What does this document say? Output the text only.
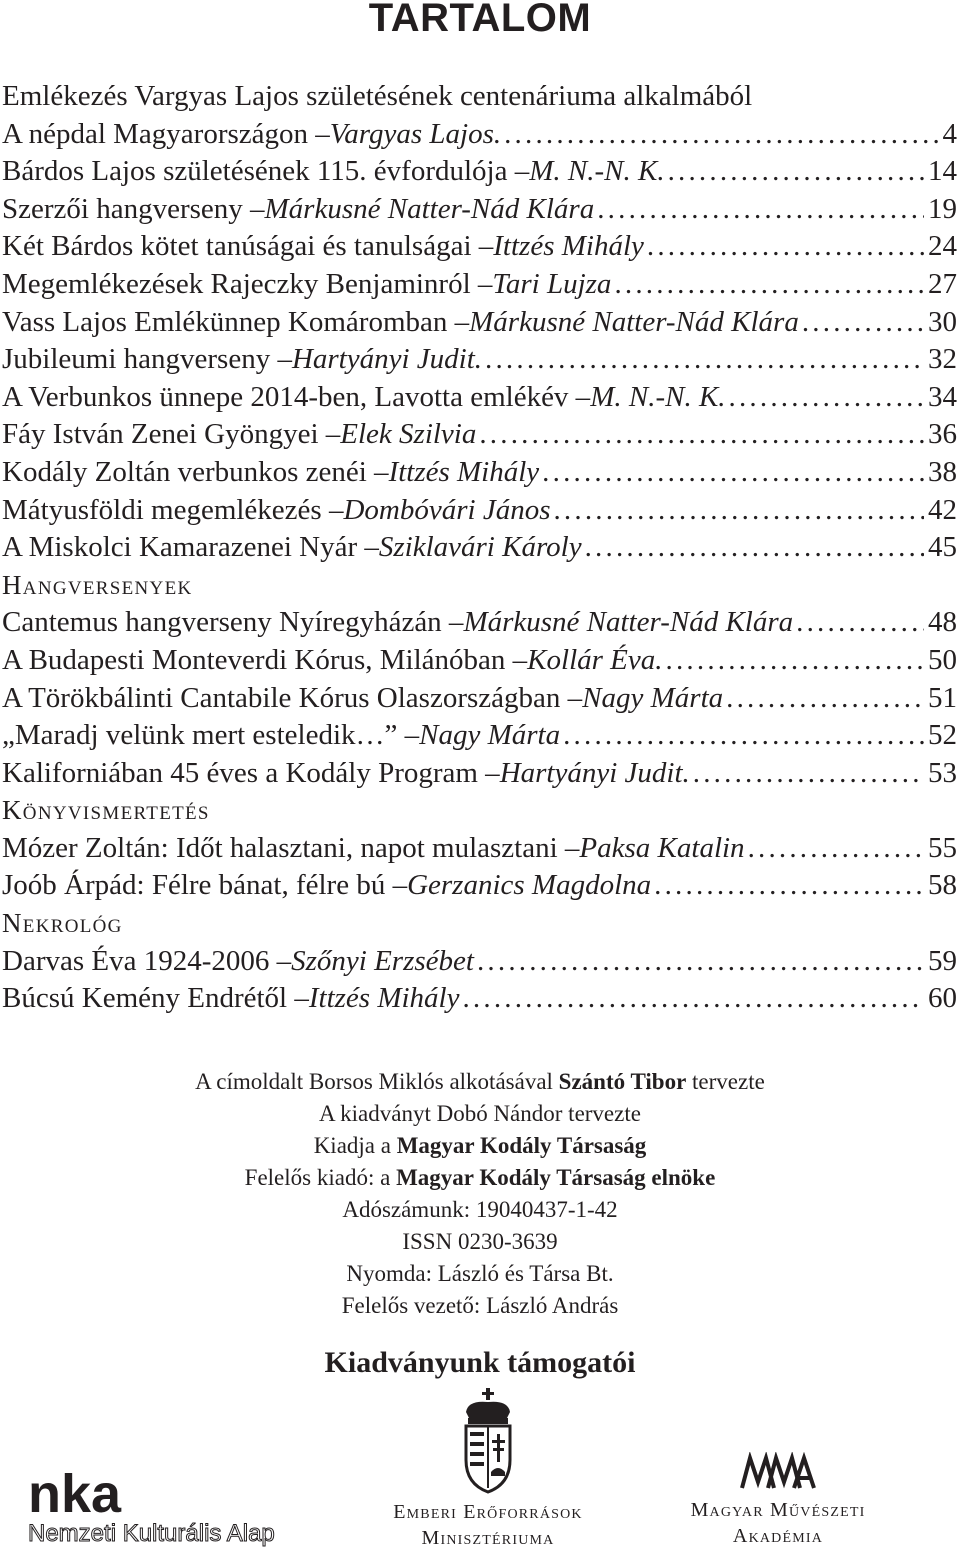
TARTALOM
Emlékezés Vargyas Lajos születésének centenáriuma alkalmából
A népdal Magyarországon – Vargyas Lajos. .....	4
Bárdos Lajos születésének 115. évfordulója – M. N.-N. K. .....	14
Szerzői hangverseny – Márkusné Natter-Nád Klára .....	19
Két Bárdos kötet tanúságai és tanulságai – Ittzés Mihály .....	24
Megemlékezések Rajeczky Benjaminról – Tari Lujza .....	27
Vass Lajos Emlékünnep Komáromban – Márkusné Natter-Nád Klára .....	30
Jubileumi hangverseny – Hartyányi Judit. .....	32
A Verbunkos ünnepe 2014-ben, Lavotta emlékév – M. N.-N. K. .....	34
Fáy István Zenei Gyöngyei – Elek Szilvia .....	36
Kodály Zoltán verbunkos zenéi – Ittzés Mihály .....	38
Mátyusföldi megemlékezés – Dombóvári János .....	42
A Miskolci Kamarazenei Nyár – Sziklavári Károly .....	45
Hangversenyek
Cantemus hangverseny Nyíregyházán – Márkusné Natter-Nád Klára .....	48
A Budapesti Monteverdi Kórus, Milánóban – Kollár Éva. .....	50
A Törökbálinti Cantabile Kórus Olaszországban – Nagy Márta .....	51
„Maradj velünk mert esteledik…” – Nagy Márta .....	52
Kaliforniában 45 éves a Kodály Program – Hartyányi Judit. .....	53
Könyvismertetés
Mózer Zoltán: Időt halasztani, napot mulasztani – Paksa Katalin .....	55
Joób Árpád: Félre bánat, félre bú – Gerzanics Magdolna .....	58
Nekrológ
Darvas Éva 1924-2006 – Szőnyi Erzsébet .....	59
Búcsú Kemény Endrétől – Ittzés Mihály .....	60
A címoldalt Borsos Miklós alkotásával Szántó Tibor tervezte
A kiadványt Dobó Nándor tervezte
Kiadja a Magyar Kodály Társaság
Felelős kiadó: a Magyar Kodály Társaság elnöke
Adószámunk: 19040437-1-42
ISSN 0230-3639
Nyomda: László és Társa Bt.
Felelős vezető: László András
Kiadványunk támogatói
nka
Nemzeti Kulturális Alap
Emberi Erőforrások
Minisztériuma
Magyar Művészeti
Akadémia
